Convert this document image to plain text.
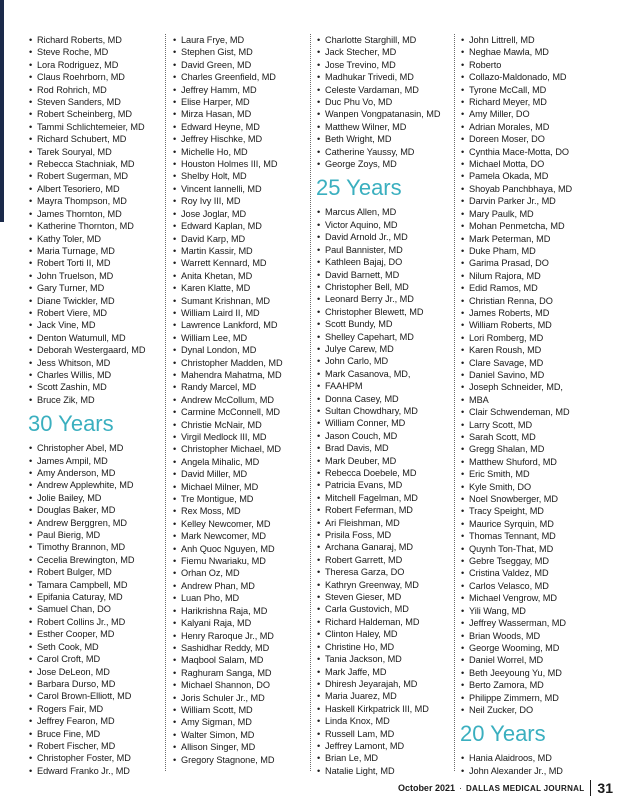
• Richard Roberts, MD
• Steve Roche, MD
• Lora Rodriguez, MD
• Claus Roehrborn, MD
• Rod Rohrich, MD
• Steven Sanders, MD
• Robert Scheinberg, MD
• Tammi Schlichtemeier, MD
• Richard Schubert, MD
• Tarek Souryal, MD
• Rebecca Stachniak, MD
• Robert Sugerman, MD
• Albert Tesoriero, MD
• Mayra Thompson, MD
• James Thornton, MD
• Katherine Thornton, MD
• Kathy Toler, MD
• Maria Turnage, MD
• Robert Torti II, MD
• John Truelson, MD
• Gary Turner, MD
• Diane Twickler, MD
• Robert Viere, MD
• Jack Vine, MD
• Denton Watumull, MD
• Deborah Westergaard, MD
• Jess Whitson, MD
• Charles Willis, MD
• Scott Zashin, MD
• Bruce Zik, MD
30 Years
• Christopher Abel, MD
• James Ampil, MD
• Amy Anderson, MD
• Andrew Applewhite, MD
• Jolie Bailey, MD
• Douglas Baker, MD
• Andrew Berggren, MD
• Paul Bierig, MD
• Timothy Brannon, MD
• Cecelia Brewington, MD
• Robert Bulger, MD
• Tamara Campbell, MD
• Epifania Caturay, MD
• Samuel Chan, DO
• Robert Collins Jr., MD
• Esther Cooper, MD
• Seth Cook, MD
• Carol Croft, MD
• Jose DeLeon, MD
• Barbara Durso, MD
• Carol Brown-Elliott, MD
• Rogers Fair, MD
• Jeffrey Fearon, MD
• Bruce Fine, MD
• Robert Fischer, MD
• Christopher Foster, MD
• Edward Franko Jr., MD
• Laura Frye, MD
• Stephen Gist, MD
• David Green, MD
• Charles Greenfield, MD
• Jeffrey Hamm, MD
• Elise Harper, MD
• Mirza Hasan, MD
• Edward Heyne, MD
• Jeffrey Hischke, MD
• Michelle Ho, MD
• Houston Holmes III, MD
• Shelby Holt, MD
• Vincent Iannelli, MD
• Roy Ivy III, MD
• Jose Joglar, MD
• Edward Kaplan, MD
• David Karp, MD
• Martin Kassir, MD
• Warrett Kennard, MD
• Anita Khetan, MD
• Karen Klatte, MD
• Sumant Krishnan, MD
• William Laird II, MD
• Lawrence Lankford, MD
• William Lee, MD
• Dynal London, MD
• Christopher Madden, MD
• Mahendra Mahatma, MD
• Randy Marcel, MD
• Andrew McCollum, MD
• Carmine McConnell, MD
• Christie McNair, MD
• Virgil Medlock III, MD
• Christopher Michael, MD
• Angela Mihalic, MD
• David Miller, MD
• Michael Milner, MD
• Tre Montigue, MD
• Rex Moss, MD
• Kelley Newcomer, MD
• Mark Newcomer, MD
• Anh Quoc Nguyen, MD
• Fiemu Nwariaku, MD
• Orhan Oz, MD
• Andrew Phan, MD
• Luan Pho, MD
• Harikrishna Raja, MD
• Kalyani Raja, MD
• Henry Raroque Jr., MD
• Sashidhar Reddy, MD
• Maqbool Salam, MD
• Raghuram Sanga, MD
• Michael Shannon, DO
• Joris Schuler Jr., MD
• William Scott, MD
• Amy Sigman, MD
• Walter Simon, MD
• Allison Singer, MD
• Gregory Stagnone, MD
• Charlotte Starghill, MD
• Jack Stecher, MD
• Jose Trevino, MD
• Madhukar Trivedi, MD
• Celeste Vardaman, MD
• Duc Phu Vo, MD
• Wanpen Vongpatanasin, MD
• Matthew Wilner, MD
• Beth Wright, MD
• Catherine Yaussy, MD
• George Zoys, MD
25 Years
• Marcus Allen, MD
• Victor Aquino, MD
• David Arnold Jr., MD
• Paul Bannister, MD
• Kathleen Bajaj, DO
• David Barnett, MD
• Christopher Bell, MD
• Leonard Berry Jr., MD
• Christopher Blewett, MD
• Scott Bundy, MD
• Shelley Capehart, MD
• Julye Carew, MD
• John Carlo, MD
• Mark Casanova, MD,
• FAAHPM
• Donna Casey, MD
• Sultan Chowdhary, MD
• William Conner, MD
• Jason Couch, MD
• Brad Davis, MD
• Mark Deuber, MD
• Rebecca Doebele, MD
• Patricia Evans, MD
• Mitchell Fagelman, MD
• Robert Feferman, MD
• Ari Fleishman, MD
• Prisila Foss, MD
• Archana Ganaraj, MD
• Robert Garrett, MD
• Theresa Garza, DO
• Kathryn Greenway, MD
• Steven Gieser, MD
• Carla Gustovich, MD
• Richard Haldeman, MD
• Clinton Haley, MD
• Christine Ho, MD
• Tania Jackson, MD
• Mark Jaffe, MD
• Dhiresh Jeyarajah, MD
• Maria Juarez, MD
• Haskell Kirkpatrick III, MD
• Linda Knox, MD
• Russell Lam, MD
• Jeffrey Lamont, MD
• Brian Le, MD
• Natalie Light, MD
• John Littrell, MD
• Neghae Mawla, MD
• Roberto
• Collazo-Maldonado, MD
• Tyrone McCall, MD
• Richard Meyer, MD
• Amy Miller, DO
• Adrian Morales, MD
• Doreen Moser, DO
• Cynthia Mace-Motta, DO
• Michael Motta, DO
• Pamela Okada, MD
• Shoyab Panchbhaya, MD
• Darvin Parker Jr., MD
• Mary Paulk, MD
• Mohan Penmetcha, MD
• Mark Peterman, MD
• Duke Pham, MD
• Garima Prasad, DO
• Nilum Rajora, MD
• Edid Ramos, MD
• Christian Renna, DO
• James Roberts, MD
• William Roberts, MD
• Lori Romberg, MD
• Karen Roush, MD
• Clare Savage, MD
• Daniel Savino, MD
• Joseph Schneider, MD,
• MBA
• Clair Schwendeman, MD
• Larry Scott, MD
• Sarah Scott, MD
• Gregg Shalan, MD
• Matthew Shuford, MD
• Eric Smith, MD
• Kyle Smith, DO
• Noel Snowberger, MD
• Tracy Speight, MD
• Maurice Syrquin, MD
• Thomas Tennant, MD
• Quynh Ton-That, MD
• Gebre Tseggay, MD
• Cristina Valdez, MD
• Carlos Velasco, MD
• Michael Vengrow, MD
• Yili Wang, MD
• Jeffrey Wasserman, MD
• Brian Woods, MD
• George Wooming, MD
• Daniel Worrel, MD
• Beth Jeeyoung Yu, MD
• Berto Zamora, MD
• Philippe Zimmern, MD
• Neil Zucker, DO
20 Years
• Hania Alaidroos, MD
• John Alexander Jr., MD
October 2021 · DALLAS MEDICAL JOURNAL 31
